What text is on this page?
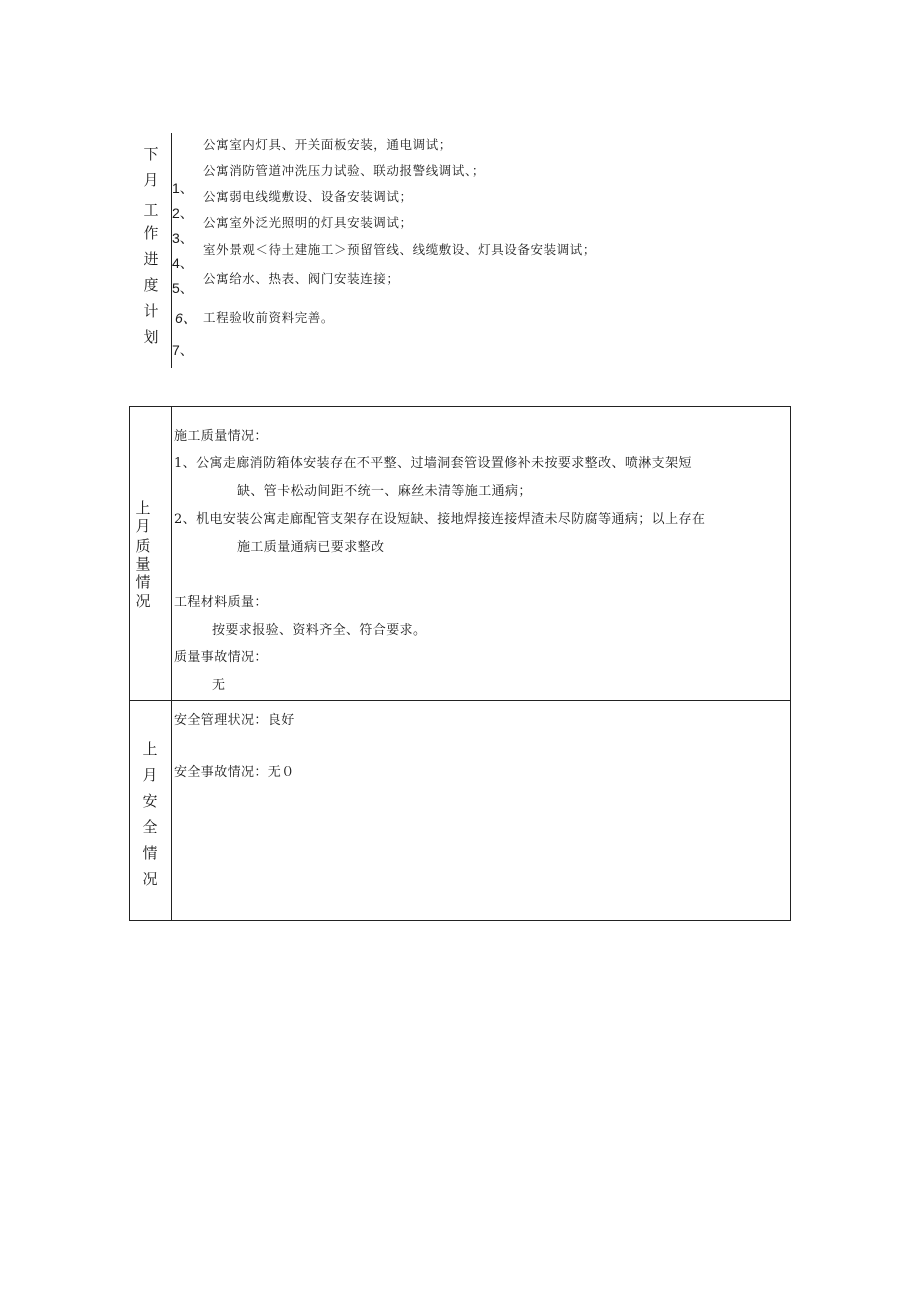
下
月
工
作
进
度
计
划
1、
2、
3、
4、
5、
6、
7、
公寓室内灯具、开关面板安装，通电调试；
公寓消防管道冲洗压力试验、联动报警线调试、；
公寓弱电线缆敷设、设备安装调试；
公寓室外泛光照明的灯具安装调试；
室外景观＜待土建施工＞预留管线、线缆敷设、灯具设备安装调试；
公寓给水、热表、阀门安装连接；
工程验收前资料完善。
上
月
质
量
情
况
施工质量情况：
1、公寓走廊消防箱体安装存在不平整、过墙洞套管设置修补未按要求整改、喷淋支架短
缺、管卡松动间距不统一、麻丝未清等施工通病；
2、机电安装公寓走廊配管支架存在设短缺、接地焊接连接焊渣未尽防腐等通病；以上存在
施工质量通病已要求整改
工程材料质量：
按要求报验、资料齐全、符合要求。
质量事故情况：
无
上
月
安
全
情
况
安全管理状况：良好
安全事故情况：无０
